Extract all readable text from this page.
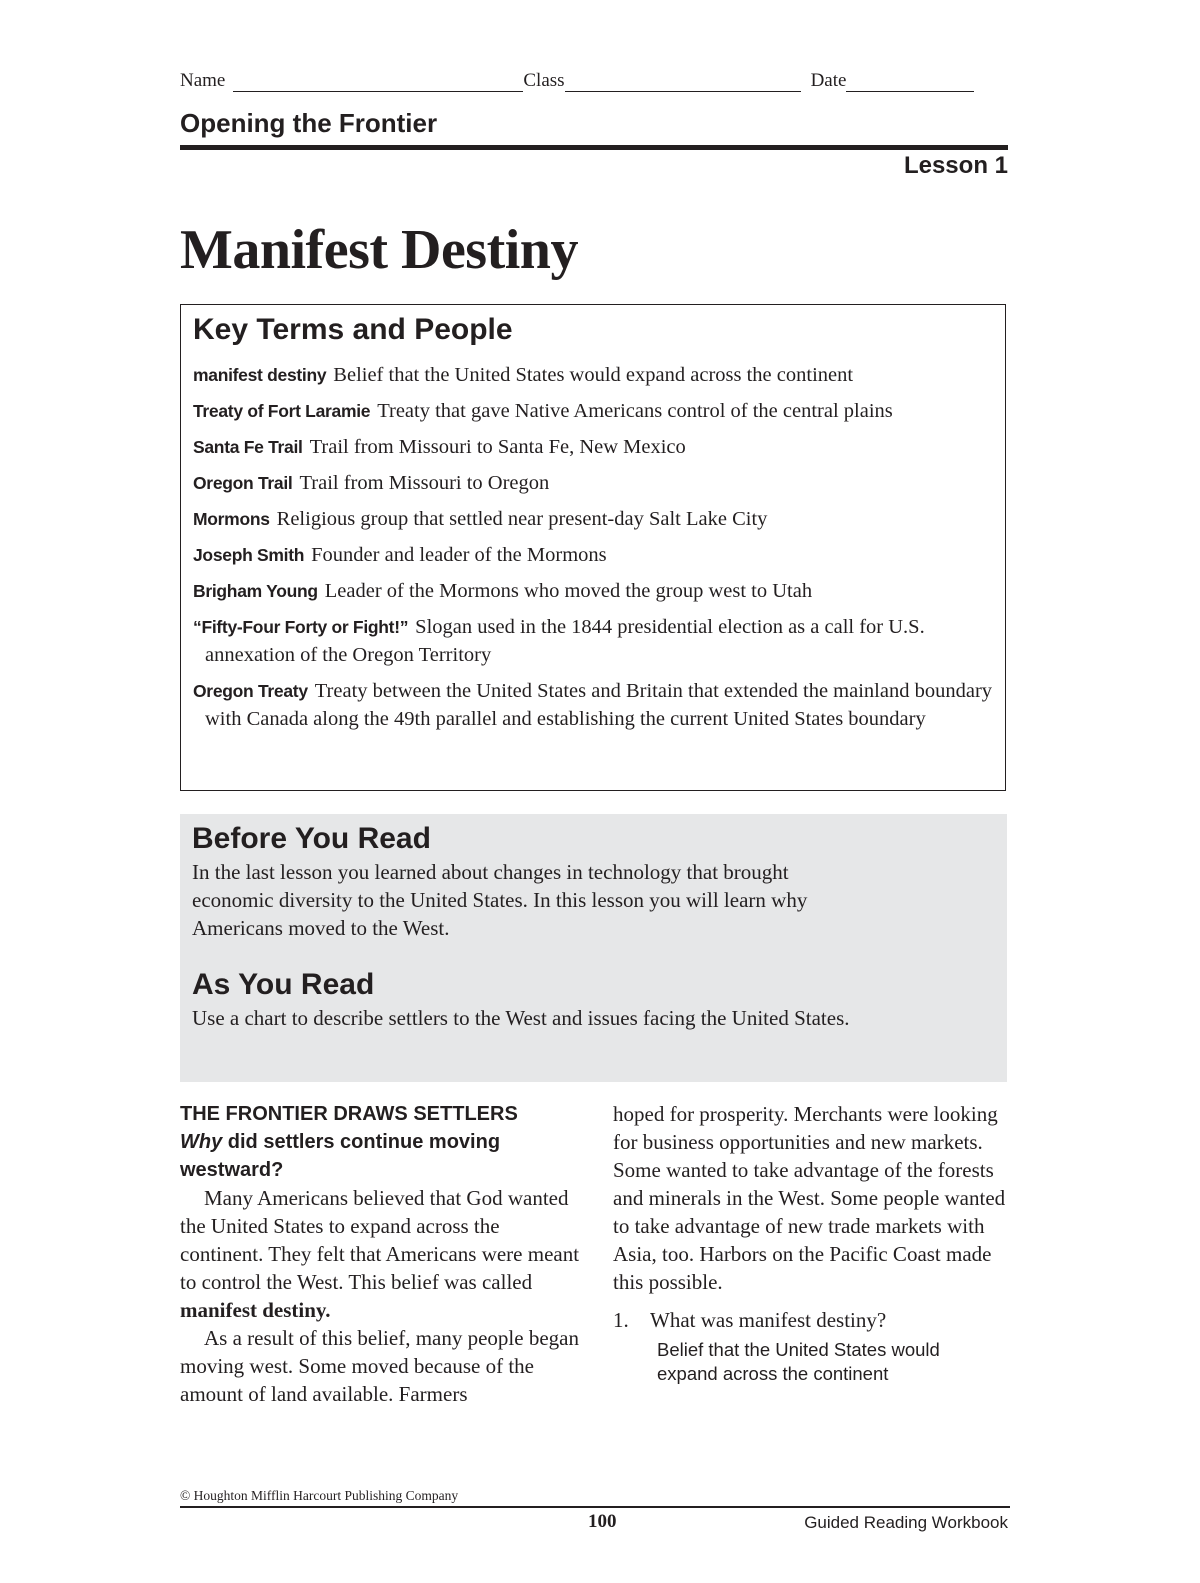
Name	Class	Date
Opening the Frontier
Lesson 1
Manifest Destiny
Key Terms and People
manifest destiny Belief that the United States would expand across the continent
Treaty of Fort Laramie Treaty that gave Native Americans control of the central plains
Santa Fe Trail Trail from Missouri to Santa Fe, New Mexico
Oregon Trail Trail from Missouri to Oregon
Mormons Religious group that settled near present-day Salt Lake City
Joseph Smith Founder and leader of the Mormons
Brigham Young Leader of the Mormons who moved the group west to Utah
“Fifty-Four Forty or Fight!” Slogan used in the 1844 presidential election as a call for U.S. annexation of the Oregon Territory
Oregon Treaty Treaty between the United States and Britain that extended the mainland boundary with Canada along the 49th parallel and establishing the current United States boundary
Before You Read

In the last lesson you learned about changes in technology that brought economic diversity to the United States. In this lesson you will learn why Americans moved to the West.

As You Read

Use a chart to describe settlers to the West and issues facing the United States.

THE FRONTIER DRAWS SETTLERS

Why did settlers continue moving westward?

Many Americans believed that God wanted the United States to expand across the continent. They felt that Americans were meant to control the West. This belief was called manifest destiny.

As a result of this belief, many people began moving west. Some moved because of the amount of land available. Farmers

hoped for prosperity. Merchants were looking for business opportunities and new markets. Some wanted to take advantage of the forests and minerals in the West. Some people wanted to take advantage of new trade markets with Asia, too. Harbors on the Pacific Coast made this possible.

1.	What was manifest destiny?
Belief that the United States would expand across the continent
© Houghton Mifflin Harcourt Publishing Company
100	Guided Reading Workbook
